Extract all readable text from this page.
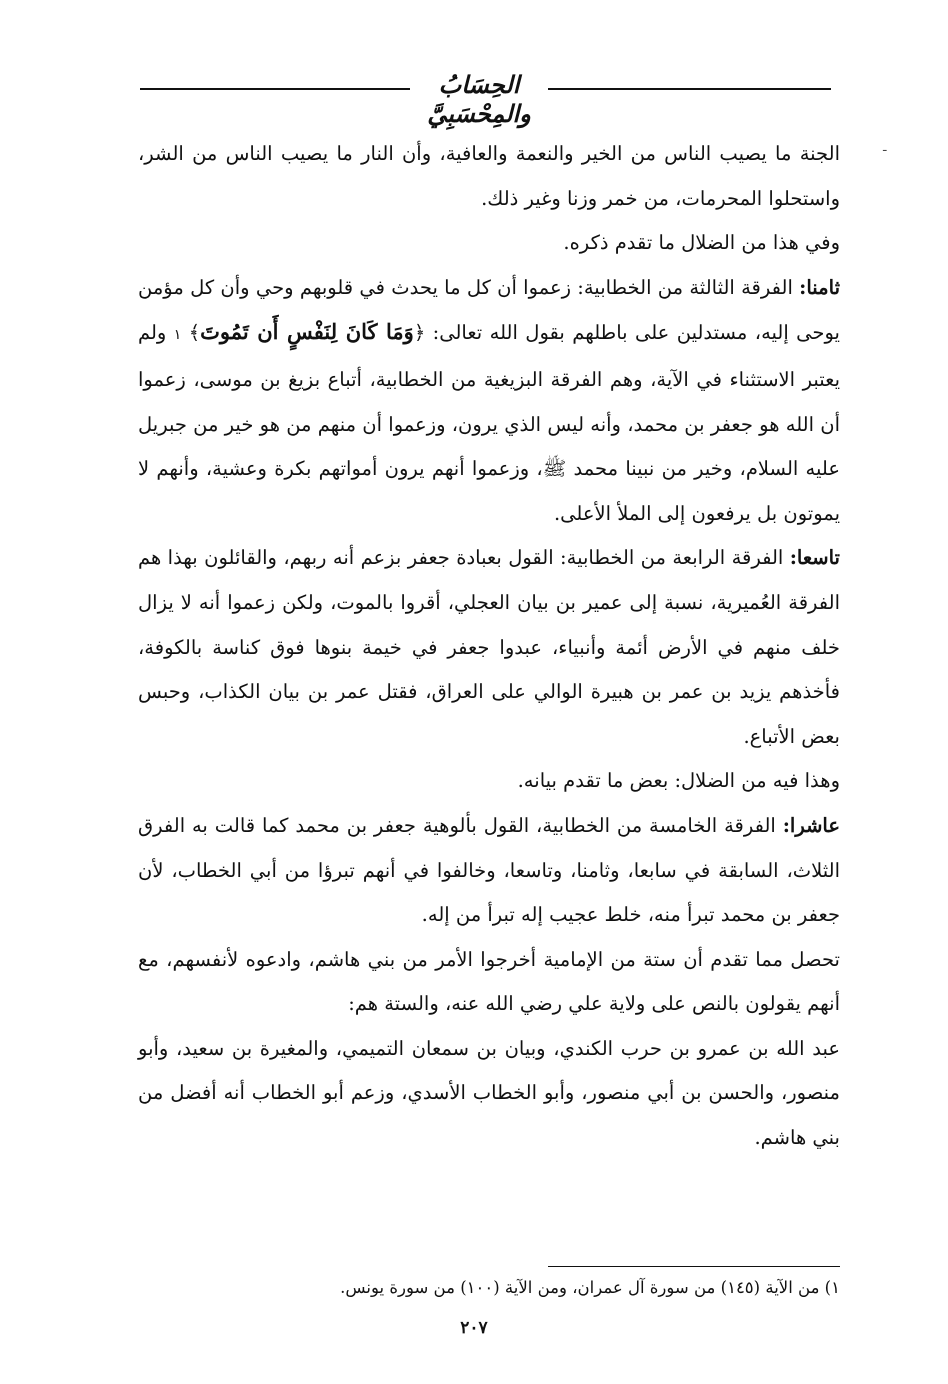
الحِسَابُ والمِحْسَبِيَّ
ـ

الجنة ما يصيب الناس من الخير والنعمة والعافية، وأن النار ما يصيب الناس من الشر، واستحلوا المحرمات، من خمر وزنا وغير ذلك.

وفي هذا من الضلال ما تقدم ذكره.

ثامنا: الفرقة الثالثة من الخطابية: زعموا أن كل ما يحدث في قلوبهم وحي وأن كل مؤمن يوحى إليه، مستدلين على باطلهم بقول الله تعالى: ﴿وَمَا كَانَ لِنَفْسٍ أَن تَمُوتَ﴾ ١ ولم يعتبر الاستثناء في الآية، وهم الفرقة البزيغية من الخطابية، أتباع بزيغ بن موسى، زعموا أن الله هو جعفر بن محمد، وأنه ليس الذي يرون، وزعموا أن منهم من هو خير من جبريل عليه السلام، وخير من نبينا محمد ﷺ، وزعموا أنهم يرون أمواتهم بكرة وعشية، وأنهم لا يموتون بل يرفعون إلى الملأ الأعلى.

تاسعا: الفرقة الرابعة من الخطابية: القول بعبادة جعفر بزعم أنه ربهم، والقائلون بهذا هم الفرقة العُميرية، نسبة إلى عمير بن بيان العجلي، أقروا بالموت، ولكن زعموا أنه لا يزال خلف منهم في الأرض أئمة وأنبياء، عبدوا جعفر في خيمة بنوها فوق كناسة بالكوفة، فأخذهم يزيد بن عمر بن هبيرة الوالي على العراق، فقتل عمر بن بيان الكذاب، وحبس بعض الأتباع.

وهذا فيه من الضلال: بعض ما تقدم بيانه.

عاشرا: الفرقة الخامسة من الخطابية، القول بألوهية جعفر بن محمد كما قالت به الفرق الثلاث، السابقة في سابعا، وثامنا، وتاسعا، وخالفوا في أنهم تبرؤا من أبي الخطاب، لأن جعفر بن محمد تبرأ منه، خلط عجيب إله تبرأ من إله.

تحصل مما تقدم أن ستة من الإمامية أخرجوا الأمر من بني هاشم، وادعوه لأنفسهم، مع أنهم يقولون بالنص على ولاية علي رضي الله عنه، والستة هم:

عبد الله بن عمرو بن حرب الكندي، وبيان بن سمعان التميمي، والمغيرة بن سعيد، وأبو منصور، والحسن بن أبي منصور، وأبو الخطاب الأسدي، وزعم أبو الخطاب أنه أفضل من بني هاشم.

١) من الآية (١٤٥) من سورة آل عمران، ومن الآية (١٠٠) من سورة يونس.
٢٠٧
